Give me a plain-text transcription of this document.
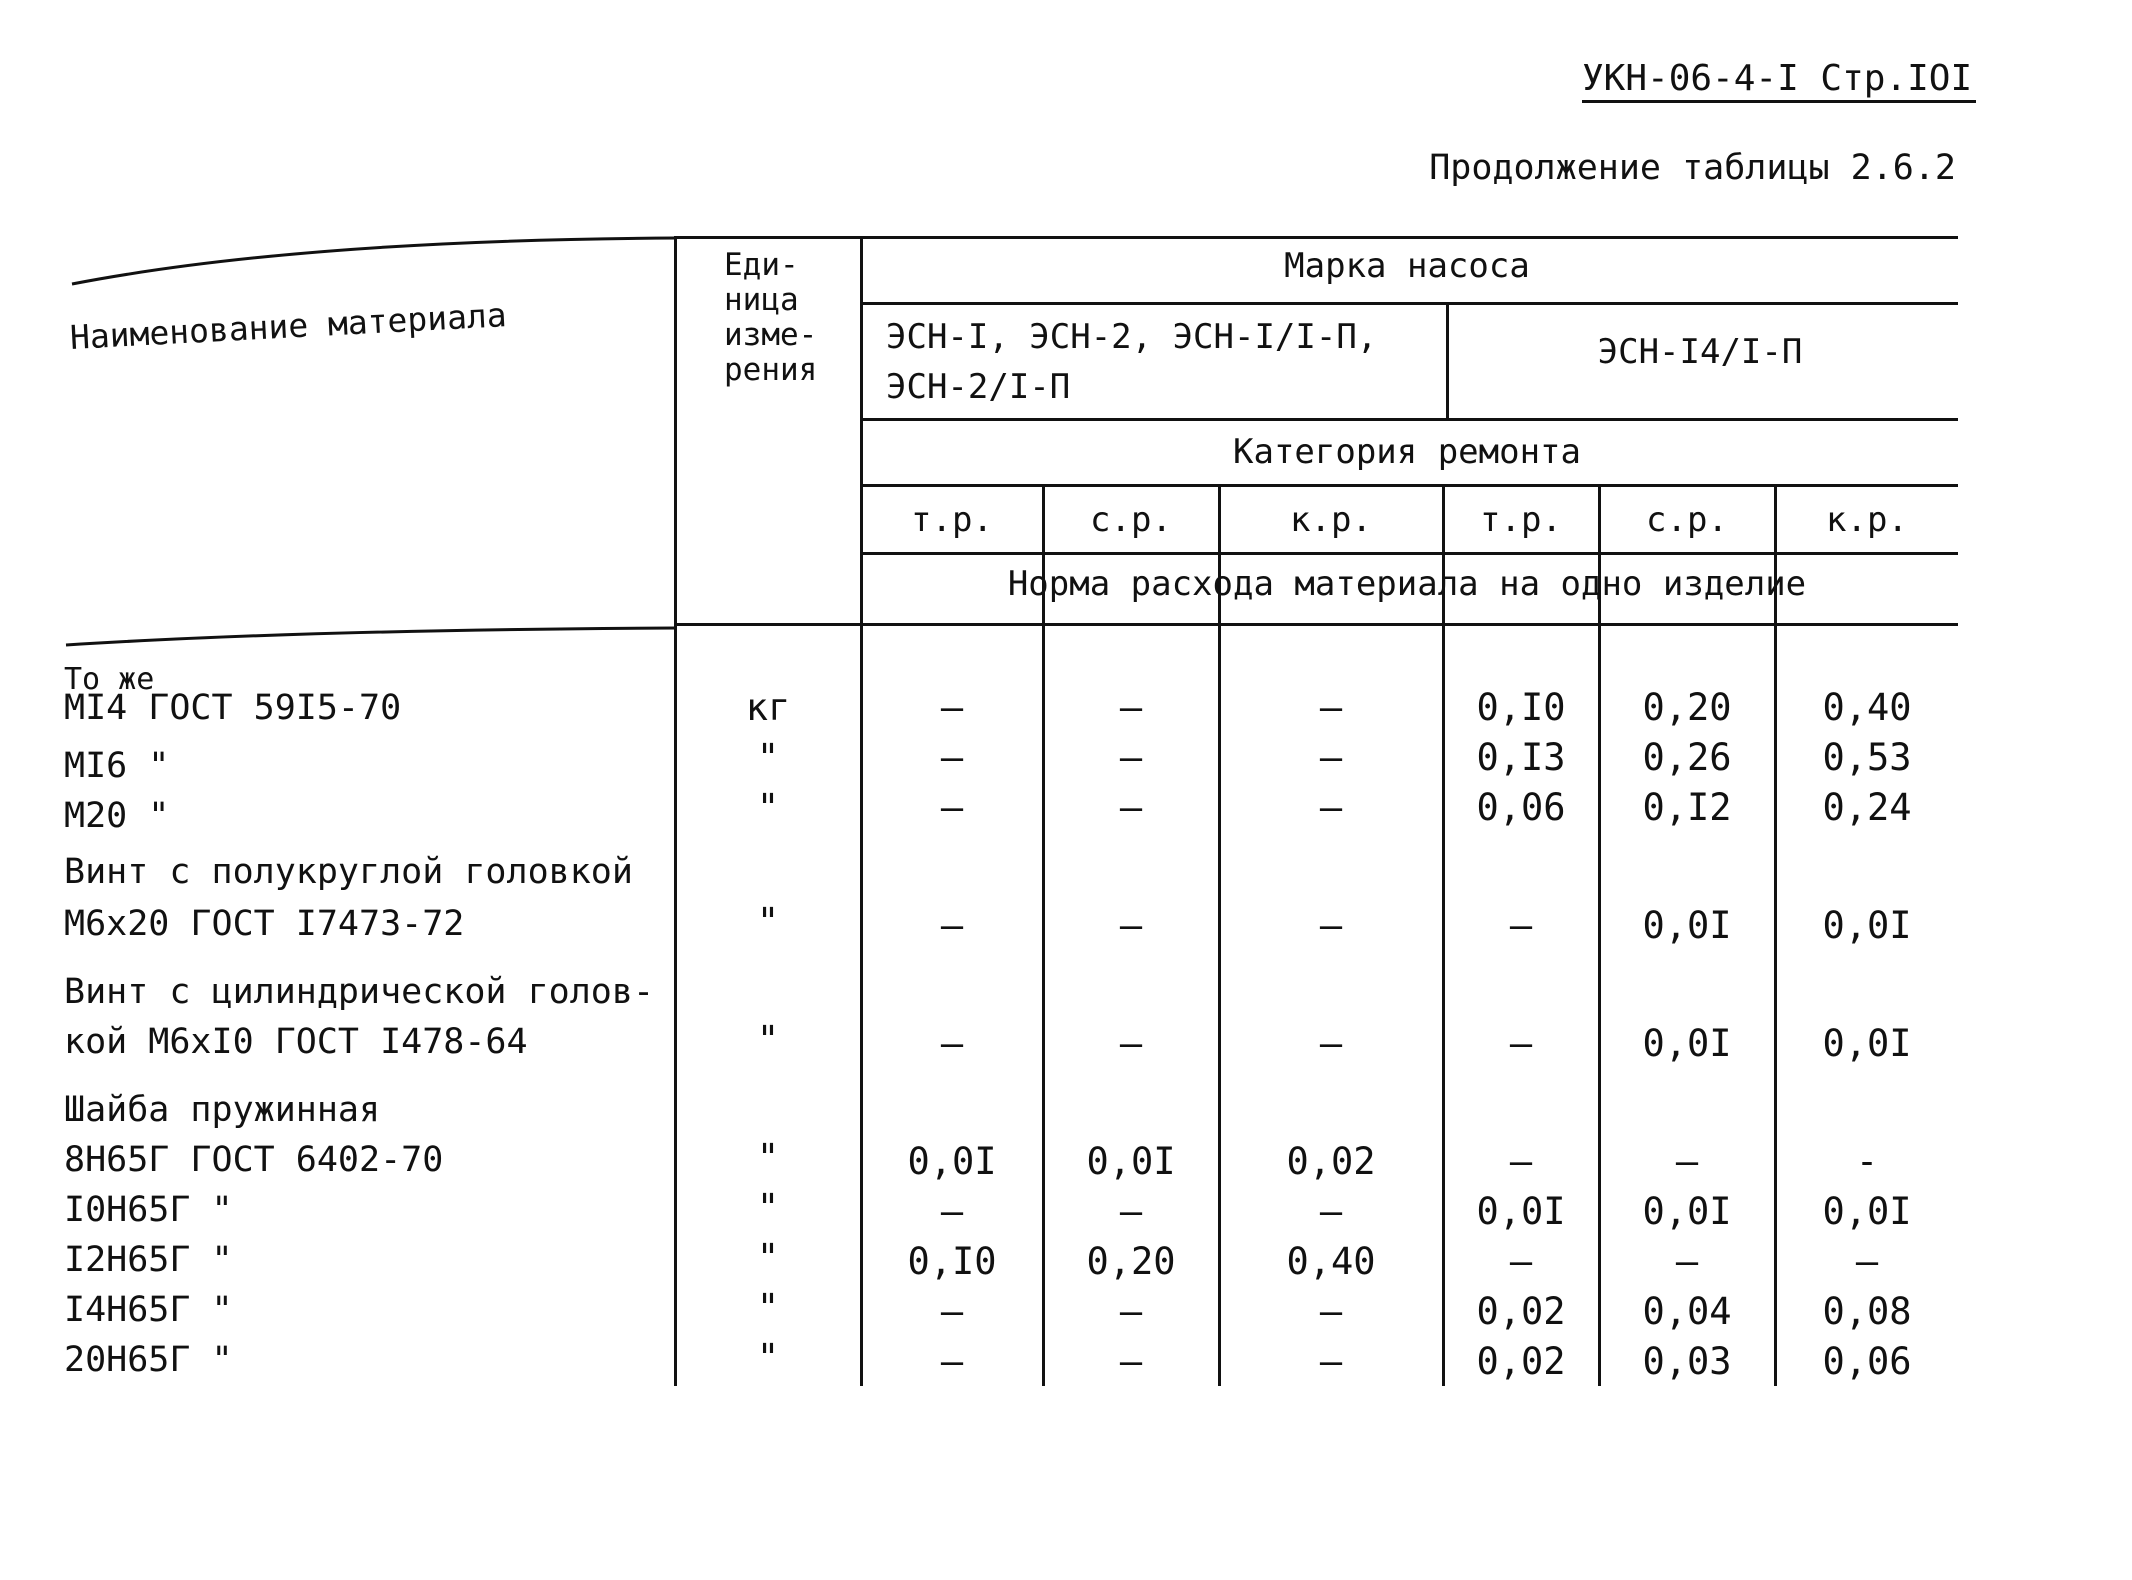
УКН-06-4-I Стр.IOI
Продолжение таблицы 2.6.2
Наименование материала
Еди-
ница
изме-
рения
Марка насоса
ЭСН-I, ЭСН-2, ЭСН-I/I-П,
ЭСН-2/I-П
ЭСН-I4/I-П
Категория ремонта
т.р.	с.р.	к.р.	т.р.	с.р.	к.р.
Норма расхода материала на одно изделие
То же
МI4 ГОСТ 59I5-70	кг	–	–	–	0,I0	0,20	0,40
МI6 "	"	–	–	–	0,I3	0,26	0,53
М20 "	"	–	–	–	0,06	0,I2	0,24
Винт с полукруглой головкой
М6х20 ГОСТ I7473-72	"	–	–	–	–	0,0I	0,0I
Винт с цилиндрической голов-
кой М6хI0 ГОСТ I478-64	"	–	–	–	–	0,0I	0,0I
Шайба пружинная
8Н65Г ГОСТ 6402-70	"	0,0I	0,0I	0,02	–	–	-
I0Н65Г "	"	–	–	–	0,0I	0,0I	0,0I
I2Н65Г "	"	0,I0	0,20	0,40	–	–	–
I4Н65Г "	"	–	–	–	0,02	0,04	0,08
20Н65Г "	"	–	–	–	0,02	0,03	0,06
